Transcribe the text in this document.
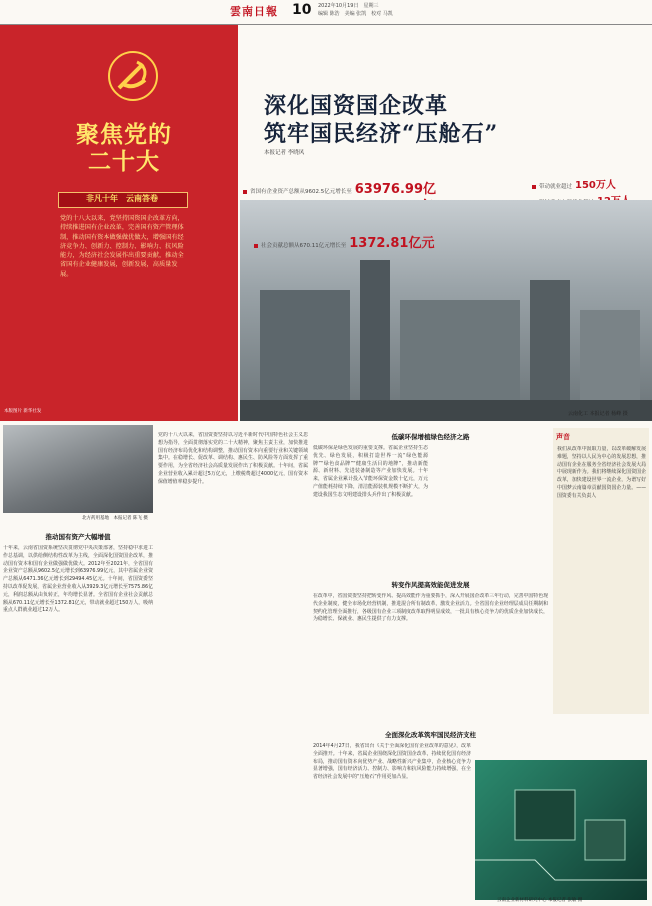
雲南日報 10 2022年10月19日　星期三
编辑 陈浩　美编 张凯　校对 马凯
聚焦党的
二十大
非凡十年　云南答卷
党的十八大以来，党坚持国资国企改革方向，持续推进国有企业改革，完善国有资产管理体制，推动国有资本做强做优做大，增强国有经济竞争力、创新力、控制力、影响力、抗风险能力，为经济社会发展作出重要贡献，推动全省国有企业健康发展，创新发展，高质量发展。
本版图片 新华社发
深化国资国企改革
筑牢国民经济“压舱石”
本报记者 李晓风
省国有企业资产总额从9602.5亿元增长至 63976.99亿
社会贡献总额从670.11亿元增长至 1372.81亿元
带动就业超过 150万人
云南化工 本报记者 杨峰 摄
北方药用基地　本报记者 陈飞 摄
推动国有资产大幅增值
十年来，云南省国资系统坚决贯彻党中央决策部署，坚持稳中求进工作总基调，以供给侧结构性改革为主线，全面深化国资国企改革，推动国有资本和国有企业做强做优做大。2012年至2021年，全省国有企业资产总额从9602.5亿元增长到63976.99亿元，其中省属企业资产总额从6471.36亿元增长到29494.45亿元。十年间，省国资委坚持以改革促发展，省属企业营业收入从3929.3亿元增长至7575.86亿元，利润总额从由负转正，年均增长显著。全省国有企业社会贡献总额从670.11亿元增长至1372.81亿元，带动就业超过150万人，吸纳重点人群就业超过12万人。
党的十八大以来，省国资委坚持以习近平新时代中国特色社会主义思想为指导，全面贯彻落实党的二十大精神，聚焦主责主业，加快推进国有经济布局优化和结构调整，推动国有资本向重要行业和关键领域集中。在稳增长、促改革、调结构、惠民生、防风险等方面发挥了重要作用，为全省经济社会高质量发展作出了积极贡献。十年间，省属企业营业收入累计超过5万亿元，上缴税费超过4000亿元，国有资本保值增值率稳步提升。
低碳环保增植绿色经济之路
低碳环保是绿色发展的重要支撑。省属企业坚持生态优先、绿色发展，积极打造世界一流“绿色能源牌”“绿色食品牌”“健康生活目的地牌”，推动新能源、新材料、先进装备制造等产业加快发展。十年来，省属企业累计投入节能环保资金数十亿元，万元产值能耗持续下降，清洁能源装机规模不断扩大，为建设我国生态文明建设排头兵作出了积极贡献。
转变作风提高效能促进发展
在改革中，省国资委坚持把转变作风、提高效能作为重要抓手，深入开展国企改革三年行动，完善中国特色现代企业制度，健全市场化经营机制，推进混合所有制改革，激发企业活力。全省国有企业经理层成员任期制和契约化管理全面推行，各级国有企业三项制度改革取得明显成效，一批具有核心竞争力的优质企业加快成长，为稳增长、保就业、惠民生提供了有力支撑。
全面深化改革筑牢国民经济支柱
2014年4月27日，我省出台《关于全面深化国有企业改革的意见》，改革全面推开。十年来，省属企业围绕深化国资国企改革，持续优化国有经济布局，推动国有资本向优势产业、战略性新兴产业集中，企业核心竞争力显著增强，国有经济活力、控制力、影响力和抗风险能力持续增强，在全省经济社会发展中的“压舱石”作用更加凸显。
声音
我们从改革中汲取力量，以改革破解发展难题，坚持以人民为中心的发展思想，推动国有企业在服务全省经济社会发展大局中展现新作为。我们将继续深化国资国企改革，加快建设世界一流企业，为谱写好中国梦云南篇章贡献国资国企力量。——国资委有关负责人
云南企业新材料研究中心 本报记者 张敏 摄
